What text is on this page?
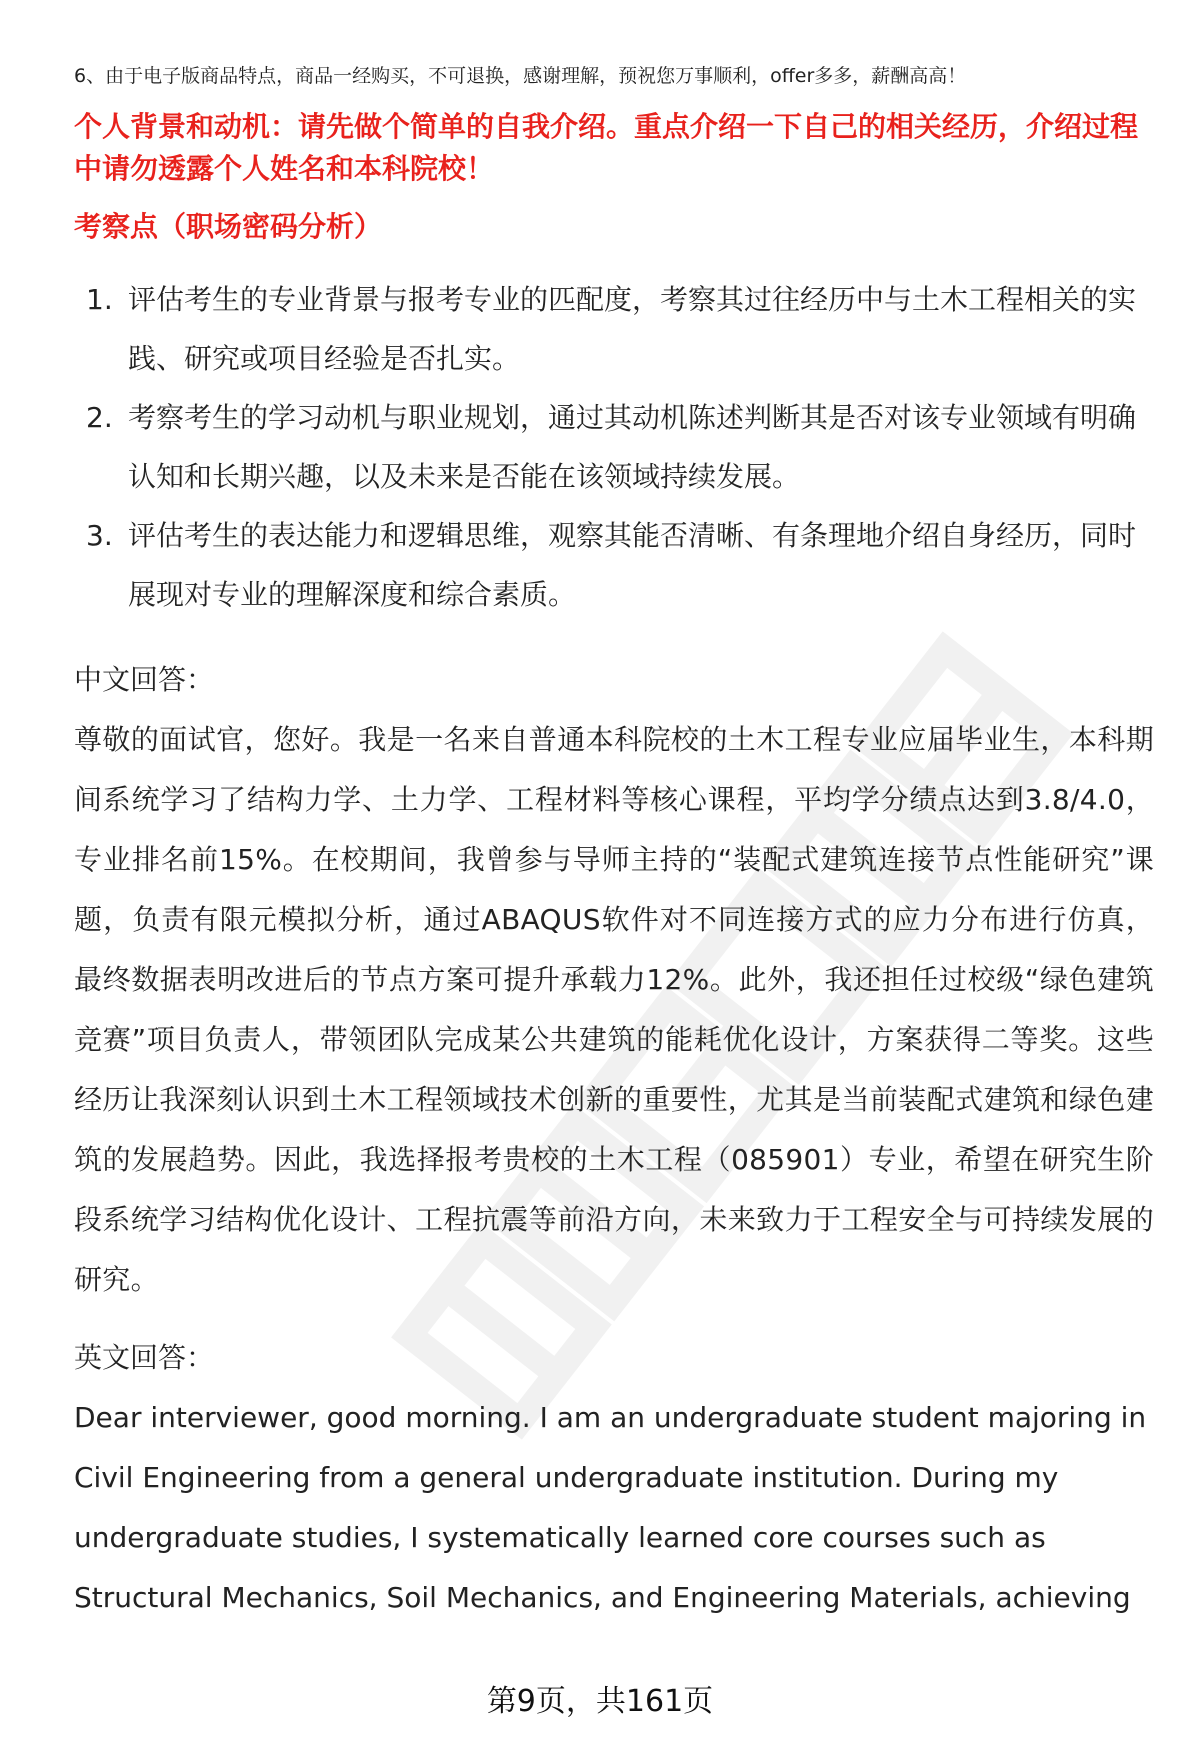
6、由于电子版商品特点，商品一经购买，不可退换，感谢理解，预祝您万事顺利，offer多多，薪酬高高！

个人背景和动机：请先做个简单的自我介绍。重点介绍一下自己的相关经历，介绍过程中请勿透露个人姓名和本科院校！

考察点（职场密码分析）

1. 评估考生的专业背景与报考专业的匹配度，考察其过往经历中与土木工程相关的实践、研究或项目经验是否扎实。
2. 考察考生的学习动机与职业规划，通过其动机陈述判断其是否对该专业领域有明确认知和长期兴趣，以及未来是否能在该领域持续发展。
3. 评估考生的表达能力和逻辑思维，观察其能否清晰、有条理地介绍自身经历，同时展现对专业的理解深度和综合素质。

中文回答：

尊敬的面试官，您好。我是一名来自普通本科院校的土木工程专业应届毕业生，本科期间系统学习了结构力学、土力学、工程材料等核心课程，平均学分绩点达到3.8/4.0，专业排名前15%。在校期间，我曾参与导师主持的“装配式建筑连接节点性能研究”课题，负责有限元模拟分析，通过ABAQUS软件对不同连接方式的应力分布进行仿真，最终数据表明改进后的节点方案可提升承载力12%。此外，我还担任过校级“绿色建筑竞赛”项目负责人，带领团队完成某公共建筑的能耗优化设计，方案获得二等奖。这些经历让我深刻认识到土木工程领域技术创新的重要性，尤其是当前装配式建筑和绿色建筑的发展趋势。因此，我选择报考贵校的土木工程（085901）专业，希望在研究生阶段系统学习结构优化设计、工程抗震等前沿方向，未来致力于工程安全与可持续发展的研究。

英文回答：

Dear interviewer, good morning. I am an undergraduate student majoring in Civil Engineering from a general undergraduate institution. During my undergraduate studies, I systematically learned core courses such as Structural Mechanics, Soil Mechanics, and Engineering Materials, achieving

第9页，共161页
